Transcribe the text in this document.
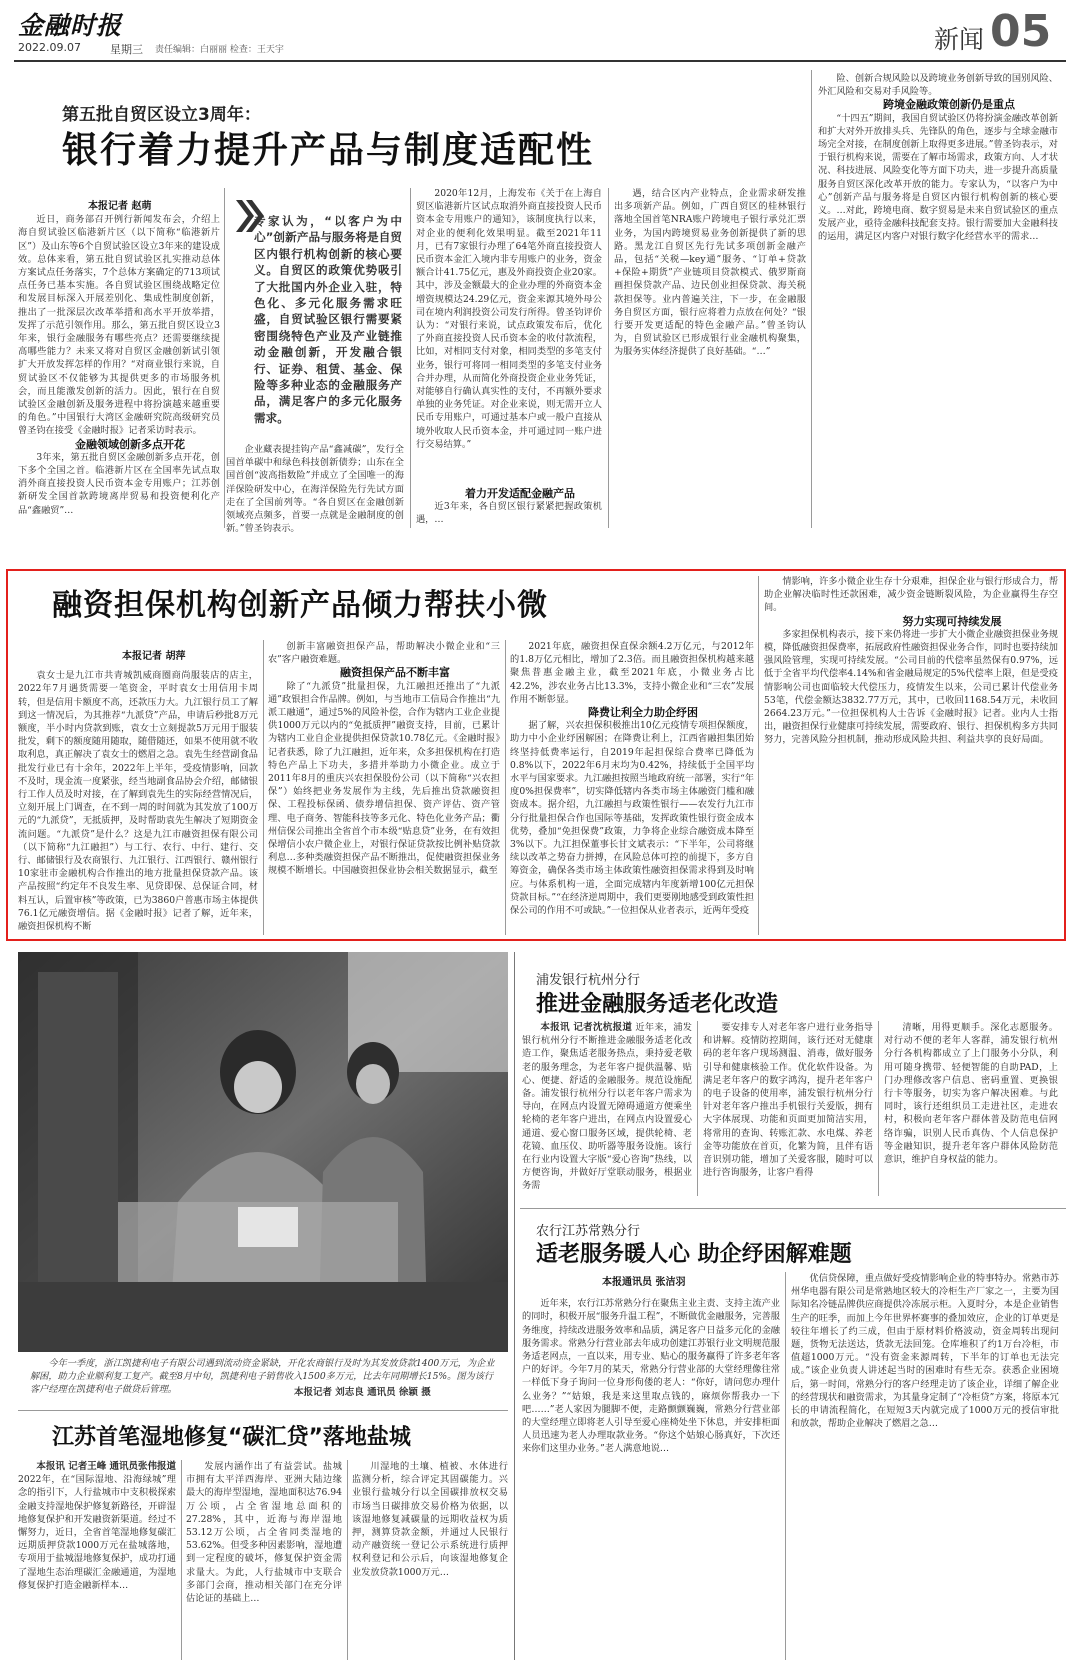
金融时报
2022.09.07	星期三 责任编辑：白丽丽 检查：王天宇	新闻 05
第五批自贸区设立3周年：
银行着力提升产品与制度适配性

本报记者 赵萌

近日，商务部召开例行新闻发布会，介绍上海自贸试验区临港新片区（以下简称“临港新片区”）及山东等6个自贸试验区设立3年来的建设成效。总体来看，第五批自贸试验区扎实推动总体方案试点任务落实，7个总体方案确定的713项试点任务已基本实施。各自贸试验区围绕战略定位和发展目标深入开展差别化、集成性制度创新，推出了一批深层次改革举措和高水平开放举措，发挥了示范引领作用。那么，第五批自贸区设立3年来，银行金融服务有哪些亮点？还需要继续提高哪些能力？未来又将对自贸区金融创新试引领扩大开放发挥怎样的作用？“对商业银行来说，自贸试验区不仅能够为其提供更多的市场服务机会，而且能激发创新的活力。因此，银行在自贸试验区金融创新及服务进程中将扮演越来越重要的角色。”中国银行大湾区金融研究院高级研究员曾圣钧在接受《金融时报》记者采访时表示。

金融领域创新多点开花

3年来，第五批自贸区金融创新多点开花，创下多个全国之首。临港新片区在全国率先试点取消外商直接投资人民币资本金专用账户；江苏创新研发全国首款跨境离岸贸易和投资便利化产品“鑫融贸”…

专家认为，“以客户为中心”创新产品与服务将是自贸区内银行机构创新的核心要义。自贸区的政策优势吸引了大批国内外企业入驻，特色化、多元化服务需求旺盛，自贸试验区银行需要紧密围绕特色产业及产业链推动金融创新，开发融合银行、证券、租赁、基金、保险等多种业态的金融服务产品，满足客户的多元化服务需求。

企业藏表提挂钩产品“鑫减碳”，发行全国首单碳中和绿色科技创新债券；山东在全国首创“波高指数险”并成立了全国唯一的海洋保险研发中心，在海洋保险先行先试方面走在了全国前列等。“各自贸区在金融创新领域亮点频多，首要一点就是金融制度的创新。”曾圣钧表示。

2020年12月，上海发布《关于在上海自贸区临港新片区试点取消外商直接投资人民币资本金专用账户的通知》，该制度执行以来，对企业的便利化效果明显。截至2021年11月，已有7家银行办理了64笔外商直接投资人民币资本金汇入境内非专用账户的业务，资金额合计41.75亿元，惠及外商投资企业20家。其中，涉及金额最大的企业办理的外商资本金增资规模达24.29亿元，资金来源其境外母公司在境内利润投资公司发行所得。曾圣钧评价认为：“对银行来说，试点政策发布后，优化了外商直接投资人民币资本金的收付款流程，比如，对相同支付对象，相同类型的多笔支付业务，银行可将同一相同类型的多笔支付业务合并办理，从而简化外商投资企业业务凭证，对能够自行确认真实性的支付，不再额外要求单独的业务凭证。对企业来说，则无需开立人民币专用账户，可通过基本户或一般户直接从境外收取人民币资本金，并可通过同一账户进行交易结算。”

着力开发适配金融产品

近3年来，各自贸区银行紧紧把握政策机遇，…

遇，结合区内产业特点，企业需求研发推出多项新产品。例如，广西自贸区的桂林银行落地全国首笔NRA账户跨境电子银行承兑汇票业务，为国内跨境贸易业务创新提供了新的思路。黑龙江自贸区先行先试多项创新金融产品，包括“关税—key通”服务、“订单+贷款+保险+期货”产业链项目贷款模式、俄罗斯商画担保贷款产品、边民创业担保贷款、海关税款担保等。业内普遍关注，下一步，在金融服务自贸区方面，银行应将着力点放在何处？“银行要开发更适配的特色金融产品。”曾圣钧认为，自贸试验区已形成银行业金融机构聚集，为服务实体经济提供了良好基础。“…”

险、创新合规风险以及跨境业务创新导致的国别风险、外汇风险和交易对手风险等。

跨境金融政策创新仍是重点

“十四五”期间，我国自贸试验区仍将扮演金融改革创新和扩大对外开放排头兵、先锋队的角色，逐步与全球金融市场完全对接，在制度创新上取得更多进展。”曾圣钧表示，对于银行机构来说，需要在了解市场需求，政策方向、人才状况、科技进展、风险变化等方面下功夫，进一步提升高质量服务自贸区深化改革开放的能力。专家认为，“以客户为中心”创新产品与服务将是自贸区内银行机构创新的核心要义。…对此，跨境电商、数字贸易是未来自贸试验区的重点发展产业，亟待金融科技配套支持。银行需要加大金融科技的运用，满足区内客户对银行数字化经营水平的需求…

融资担保机构创新产品倾力帮扶小微

本报记者 胡萍

袁女士是九江市共青城凯威商圈商尚服装店的店主，2022年7月遇货需要一笔资金，平时袁女士用信用卡周转，但是信用卡额度不高，还款压力大。九江银行员工了解到这一情况后，为其推荐“九派贷”产品，申请后秒批8万元额度，半小时内贷款到账，袁女士立刻提款5万元用于服装批发，剩下的额度随用随取，随借随还，如果不使用就不收取利息，真正解决了袁女士的燃眉之急。袁先生经营副食品批发行业已有十余年，2022年上半年，受疫情影响，回款不及时，现金流一度紧张，经当地副食品协会介绍，邮储银行工作人员及时对接，在了解到袁先生的实际经营情况后，立刻开展上门调查，在不到一周的时间就为其发放了100万元的“九派贷”，无抵质押，及时帮助袁先生解决了短期资金流问题。“九派贷”是什么？这是九江市融资担保有限公司（以下简称“九江融担”）与工行、农行、中行、建行、交行、邮储银行及农商银行、九江银行、江西银行、赣州银行10家驻市金融机构合作推出的地方批量担保贷款产品。该产品按照“约定年不良发生率、见贷即保、总保证合同，材料互认，后置审核”等政策，已为3860户普惠市场主体提供76.1亿元融资增信。据《金融时报》记者了解，近年来，融资担保机构不断

创新丰富融资担保产品，帮助解决小微企业和“三农”客户融资难题。

融资担保产品不断丰富

除了“九派贷”批量担保，九江融担还推出了“九派通”政银担合作品牌。例如，与当地市工信局合作推出“九派工融通”，通过5%的风险补偿，合作为辖内工业企业提供1000万元以内的“免抵质押”融资支持，目前，已累计为辖内工业自企业提供担保贷款10.78亿元。《金融时报》记者获悉，除了九江融担，近年来，众多担保机构在打造特色产品上下功夫，多措并举助力小微企业。成立于2011年8月的重庆兴农担保股份公司（以下简称“兴农担保”）始终把业务发展作为主线，先后推出贷款融资担保、工程投标保函、债券增信担保、资产评估、资产管理、电子商务、智能科技等多元化、特色化业务产品；衢州信保公司推出全省首个市本级“贴息贷”业务，在有效担保增信小农户微企业上，对银行保证贷款按比例补贴贷款利息…多种类融资担保产品不断推出，促使融资担保业务规模不断增长。中国融资担保业协会相关数据显示，截至

2021年底，融资担保直保余额4.2万亿元，与2012年的1.8万亿元相比，增加了2.3倍。而且融资担保机构越来越聚焦普惠金融主业，截至2021年底，小微业务占比42.2%，涉农业务占比13.3%，支持小微企业和“三农”发展作用不断彰显。

降费让利全力助企纾困

据了解，兴农担保积极推出10亿元疫情专项担保额度，助力中小企业纾困解困；在降费让利上，江西省融担集团始终坚持低费率运行，自2019年起担保综合费率已降低为0.8%以下，2022年6月末均为0.42%，持续低于全国平均水平与国家要求。九江融担按照当地政府统一部署，实行“年度0%担保费率”，切实降低辖内各类市场主体融资门槛和融资成本。据介绍，九江融担与政策性银行——农发行九江市分行批量担保合作也国际等基础，发挥政策性银行资金成本优势，叠加“免担保费”政策，力争将企业综合融资成本降至3%以下。九江担保董事长甘文斌表示：“下半年，公司将继续以改革之势奋力拼搏，在风险总体可控的前提下，多方自筹资金，确保各类市场主体政策性融资担保需求得到及时响应。与体系机构一道，全面完成辖内年度新增100亿元担保贷款目标。”“在经济逆周期中，我们更要刚地感受到政策性担保公司的作用不可或缺。”一位担保从业者表示，近两年受疫

情影响，许多小微企业生存十分艰难，担保企业与银行形成合力，帮助企业解决临时性还款困难，减少资金链断裂风险，为企业赢得生存空间。

努力实现可持续发展

多家担保机构表示，接下来仍将进一步扩大小微企业融资担保业务规模，降低融资担保费率，拓展政府性融资担保业务合作，同时也要持续加强风险管理，实现可持续发展。“公司目前的代偿率虽然保有0.97%，远低于全省平均代偿率4.14%和省金融局规定的5%代偿率上限，但是受疫情影响公司也面临较大代偿压力，疫情发生以来，公司已累计代偿业务53笔，代偿金额达3832.77万元，其中，已收回1168.54万元，未收回2664.23万元。”一位担保机构人士告诉《金融时报》记者。业内人士指出，融资担保行业健康可持续发展，需要政府、银行、担保机构多方共同努力，完善风险分担机制，推动形成风险共担、利益共享的良好局面。

今年一季度，浙江凯捷利电子有限公司遇到流动资金紧缺，开化农商银行及时为其发放贷款1400万元，为企业解困，助力企业顺利复工复产。截至8月中旬，凯捷利电子销售收入1500多万元，比去年同期增长15%。图为该行客户经理在凯捷利电子做贷后管理。	本报记者 刘志良 通讯员 徐颖 摄
浦发银行杭州分行
推进金融服务适老化改造

本报讯 记者沈杭报道 近年来，浦发银行杭州分行不断推进金融服务适老化改造工作，聚焦适老服务热点，秉持爱老敬老的服务理念，为老年客户提供温馨、贴心、便捷、舒适的金融服务。规范设施配备。浦发银行杭州分行以老年客户需求为导向，在网点内设置无障碍通道方便乘坐轮椅的老年客户进出，在网点内设置爱心通道、爱心窗口服务区域，提供轮椅、老花镜、血压仪、助听器等服务设施。该行在行业内设置大字版“爱心咨询”热线，以方便咨询，并做好厅堂联动服务，根据业务需

要安排专人对老年客户进行业务指导和讲解。疫情防控期间，该行还对无健康码的老年客户现场测温、消毒，做好服务引导和健康核验工作。优化软件设备。为满足老年客户的数字鸿沟，提升老年客户的电子设备的使用率，浦发银行杭州分行针对老年客户推出手机银行关爱版，拥有大字体展现、功能和页面更加简洁实用，将常用的查询、转账汇款、水电煤、养老金等功能放在首页，化繁为简，且伴有语音识别功能，增加了关爱客服，随时可以进行咨询服务，让客户看得

清晰，用得更顺手。深化志愿服务。对行动不便的老年人客群，浦发银行杭州分行各机构都成立了上门服务小分队，利用可随身携带、轻便智能的自助PAD，上门办理修改客户信息、密码重置、更换银行卡等服务，切实为客户解决困难。与此同时，该行还组织员工走进社区，走进农村，积极向老年客户群体普及防范电信网络诈骗，识别人民币真伪、个人信息保护等金融知识，提升老年客户群体风险防范意识，维护自身权益的能力。

农行江苏常熟分行
适老服务暖人心 助企纾困解难题

本报通讯员 张洁羽

近年来，农行江苏常熟分行在聚焦主业主责、支持主流产业的同时，积极开展“服务升温工程”，不断做优金融服务，完善服务维度，持续改进服务效率和品质，满足客户日益多元化的金融服务需求。常熟分行营业部去年成功创建江苏银行业文明规范服务适老网点，一直以来，用专业、贴心的服务赢得了许多老年客户的好评。今年7月的某天，常熟分行营业部的大堂经理像往常一样低下身子询问一位身形佝偻的老人：“你好，请问您办理什么业务？”“姑娘，我是来这里取点钱的，麻烦你帮我办一下吧……”老人家因为腿脚不便，走路颤颤巍巍，常熟分行营业部的大堂经理立即将老人引导至爱心座椅处坐下休息，并安排柜面人员迅速为老人办理取款业务。“你这个姑娘心肠真好，下次还来你们这里办业务。”老人满意地说…

优信贷保障，重点做好受疫情影响企业的特事特办。常熟市苏州华电器有限公司是常熟地区较大的冷柜生产厂家之一，主要为国际知名冷链品牌供应商提供冷冻展示柜。入夏时分，本是企业销售生产的旺季，而加上今年世界杯赛事的叠加效应，企业的订单更是较往年增长了约三成，但由于原材料价格波动，资金周转出现问题，货物无法送达，货款无法回笼。仓库堆积了约1万台冷柜，市值超1000万元。“没有资金来源周转，下半年的订单也无法完成。”该企业负责人讲述起当时的困难时有些无奈。获悉企业困境后，第一时间，常熟分行的客户经理走访了该企业，详细了解企业的经营现状和融资需求，为其量身定制了“冷柜贷”方案，将原本冗长的申请流程简化，在短短3天内就完成了1000万元的授信审批和放款，帮助企业解决了燃眉之急…

江苏首笔湿地修复“碳汇贷”落地盐城

本报讯 记者王峰 通讯员张伟报道 2022年，在“国际湿地、沿海绿城”理念的指引下，人行盐城市中支积极探索金融支持湿地保护修复新路径，开辟湿地修复保护和开发融资新渠道。经过不懈努力，近日，全省首笔湿地修复碳汇远期质押贷款1000万元在盐城落地，专项用于盐城湿地修复保护，成功打通了湿地生态治理碳汇金融通道，为湿地修复保护打造金融新样本…

发展内涵作出了有益尝试。盐城市拥有太平洋西海岸、亚洲大陆边缘最大的海岸型湿地，湿地面积达76.94万公顷，占全省湿地总面积的27.28%，其中，近海与海岸湿地53.12万公顷，占全省同类湿地的53.62%。但受多种因素影响，湿地遭到一定程度的破坏，修复保护资金需求量大。为此，人行盐城市中支联合多部门会商，推动相关部门在充分评估论证的基础上…

川湿地的土壤、植被、水体进行监测分析，综合评定其固碳能力。兴业银行盐城分行以全国碳排放权交易市场当日碳排放交易价格为依据，以该湿地修复减碳量的远期收益权为质押，测算贷款金额，并通过人民银行动产融资统一登记公示系统进行质押权利登记和公示后，向该湿地修复企业发放贷款1000万元…
